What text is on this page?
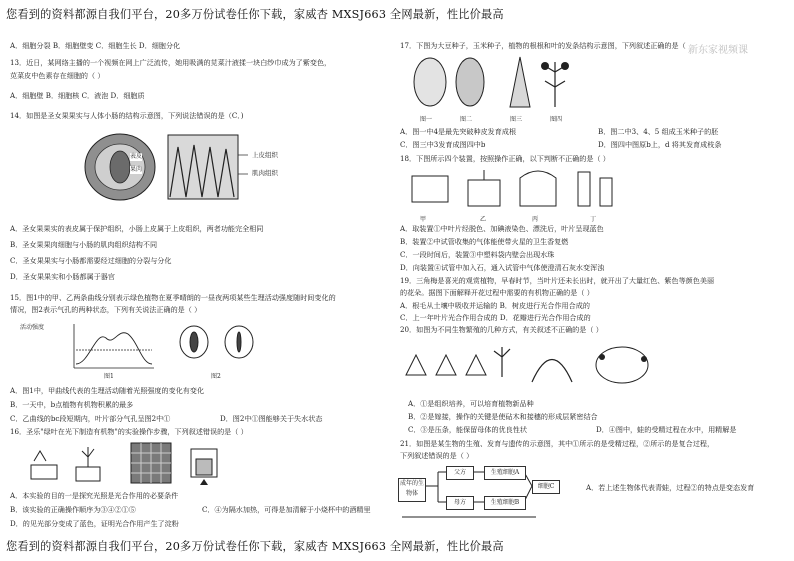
您看到的资料都源自我们平台，20多万份试卷任你下载，家威杏 MXSJ663 全网最新，性比价最高
新东家视频课
A．细胞分裂 B．细胞壁变 C．细胞生长 D．细胞分化
13．近日，某网络主播的一个视频在网上广泛流传，她用吸满的苋菜汁液揉一块白纱巾成为了紫变色，
苋菜皮中色素存在细胞的（ ）
A．细胞壁 B．细胞核 C．液泡 D．细胞质
14．如图是圣女果果实与人体小肠的结构示意图，下列说法错误的是（C．)
上皮组织
肌肉组织
表皮
果肉
A．圣女果果实的表皮属于保护组织，小肠上皮属于上皮组织，两者功能完全相同
B．圣女果果肉细胞与小肠的肌肉组织结构不同
C．圣女果果实与小肠都需要经过细胞的分裂与分化
D．圣女果果实和小肠都属于器官
15．图1中的甲、乙两条曲线分别表示绿色植物在夏季晴朗的一昼夜两项某些生理活动强度随时间变化的
情况，图2表示气孔的两种状态，下列有关说法正确的是（ ）
活动强度
图1	图2
A．图1中，甲曲线代表的生理活动随着光照强度的变化有变化
B．一天中，b点植物有机物积累的最多
C．乙曲线的bc段短期内，叶片部分气孔呈图2中①	D．图2中①图能够关于失水状态
16．圣乐"绿叶在光下制造有机物"的实验操作步骤，下列叙述错误的是（ ）
A．本实验的目的一是探究光照是光合作用的必要条件
B．该实验的正确操作顺序为③④②①⑤	C．④为隔水加热，可得是加清解于小烧杯中的酒精里
D．的见光部分变成了蓝色，证明光合作用产生了淀粉
17．下图为大豆种子，玉米种子，植物的根根和叶的发条结构示意图，下列叙述正确的是（
图一	图二	图三	图四
A．图一中4是最先突破种皮发育成根	B．图二中3、4、5 组成玉米种子的胚
C．图三中3发育成图四中b	D．图四中图原b上，d 将其发育成枝条
18．下图所示四个装置，按照操作正确，以下判断不正确的是（ ）
甲	乙	丙	丁
A．取装置①中叶片经脱色、加碘液染色、漂洗后，叶片呈现蓝色
B．装置②中试管收集的气体能使带火星的卫生香复燃
C．一段时间后，装置③中塑料袋内壁会出现水珠
D．向装置④试管中加入石，通入试管中气体使澄清石灰水变浑浊
19．三角梅是喜光的观赏植物，早春时节，当叶片还未长出时，就开出了大量红色、紫色等颜色美丽
的花朵。据图下面解释开花过程中需要的有机物正确的是（ ）
A．根毛从土壤中吸收并运输的 B．树皮进行光合作用合成的
C．上一年叶片光合作用合成的 D．花瓣进行光合作用合成的
20．如图为不同生物繁殖的几种方式，有关叙述不正确的是（ ）
A．①是组织培养，可以培育植物新品种
B．②是嫁接，操作的关键是使砧木和接穗的形成层紧密结合
C．③是压条，能保留母体的优良性状	D．④图中，蛙的受精过程在水中，用精解是
21．如图是某生物的生殖、发育与遗传的示意图，其中①所示的是受精过程，②所示的是复合过程，
下列叙述错误的是（ ）
成年的生物体
父方
母方
生殖细胞A
生殖细胞B
细胞C	A．若上述生物体代表青蛙，过程②的特点是变态发育
您看到的资料都源自我们平台，20多万份试卷任你下载，家威杏 MXSJ663 全网最新，性比价最高
